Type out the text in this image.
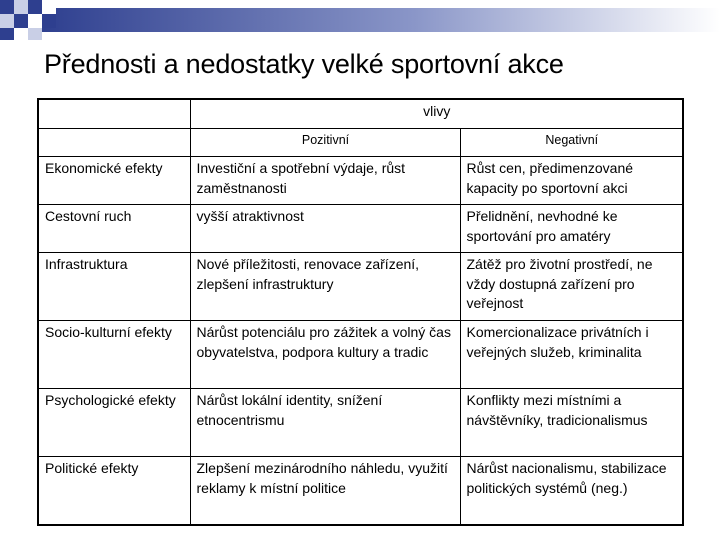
Přednosti a nedostatky velké sportovní akce
	vlivy	
	Pozitivní	Negativní
Ekonomické efekty	Investiční a spotřební výdaje, růst zaměstnanosti	Růst cen, předimenzované kapacity po sportovní akci
Cestovní ruch	vyšší atraktivnost	Přelidnění, nevhodné ke sportování pro amatéry
Infrastruktura	Nové příležitosti, renovace zařízení, zlepšení infrastruktury	Zátěž pro životní prostředí, ne vždy dostupná zařízení pro veřejnost
Socio-kulturní efekty	Nárůst potenciálu pro zážitek a volný čas obyvatelstva, podpora kultury a tradic	Komercionalizace privátních i veřejných služeb, kriminalita
Psychologické efekty	Nárůst lokální identity, snížení etnocentrismu	Konflikty mezi místními a návštěvníky, tradicionalismus
Politické efekty	Zlepšení mezinárodního náhledu, využití reklamy k místní politice	Nárůst nacionalismu, stabilizace politických systémů (neg.)
